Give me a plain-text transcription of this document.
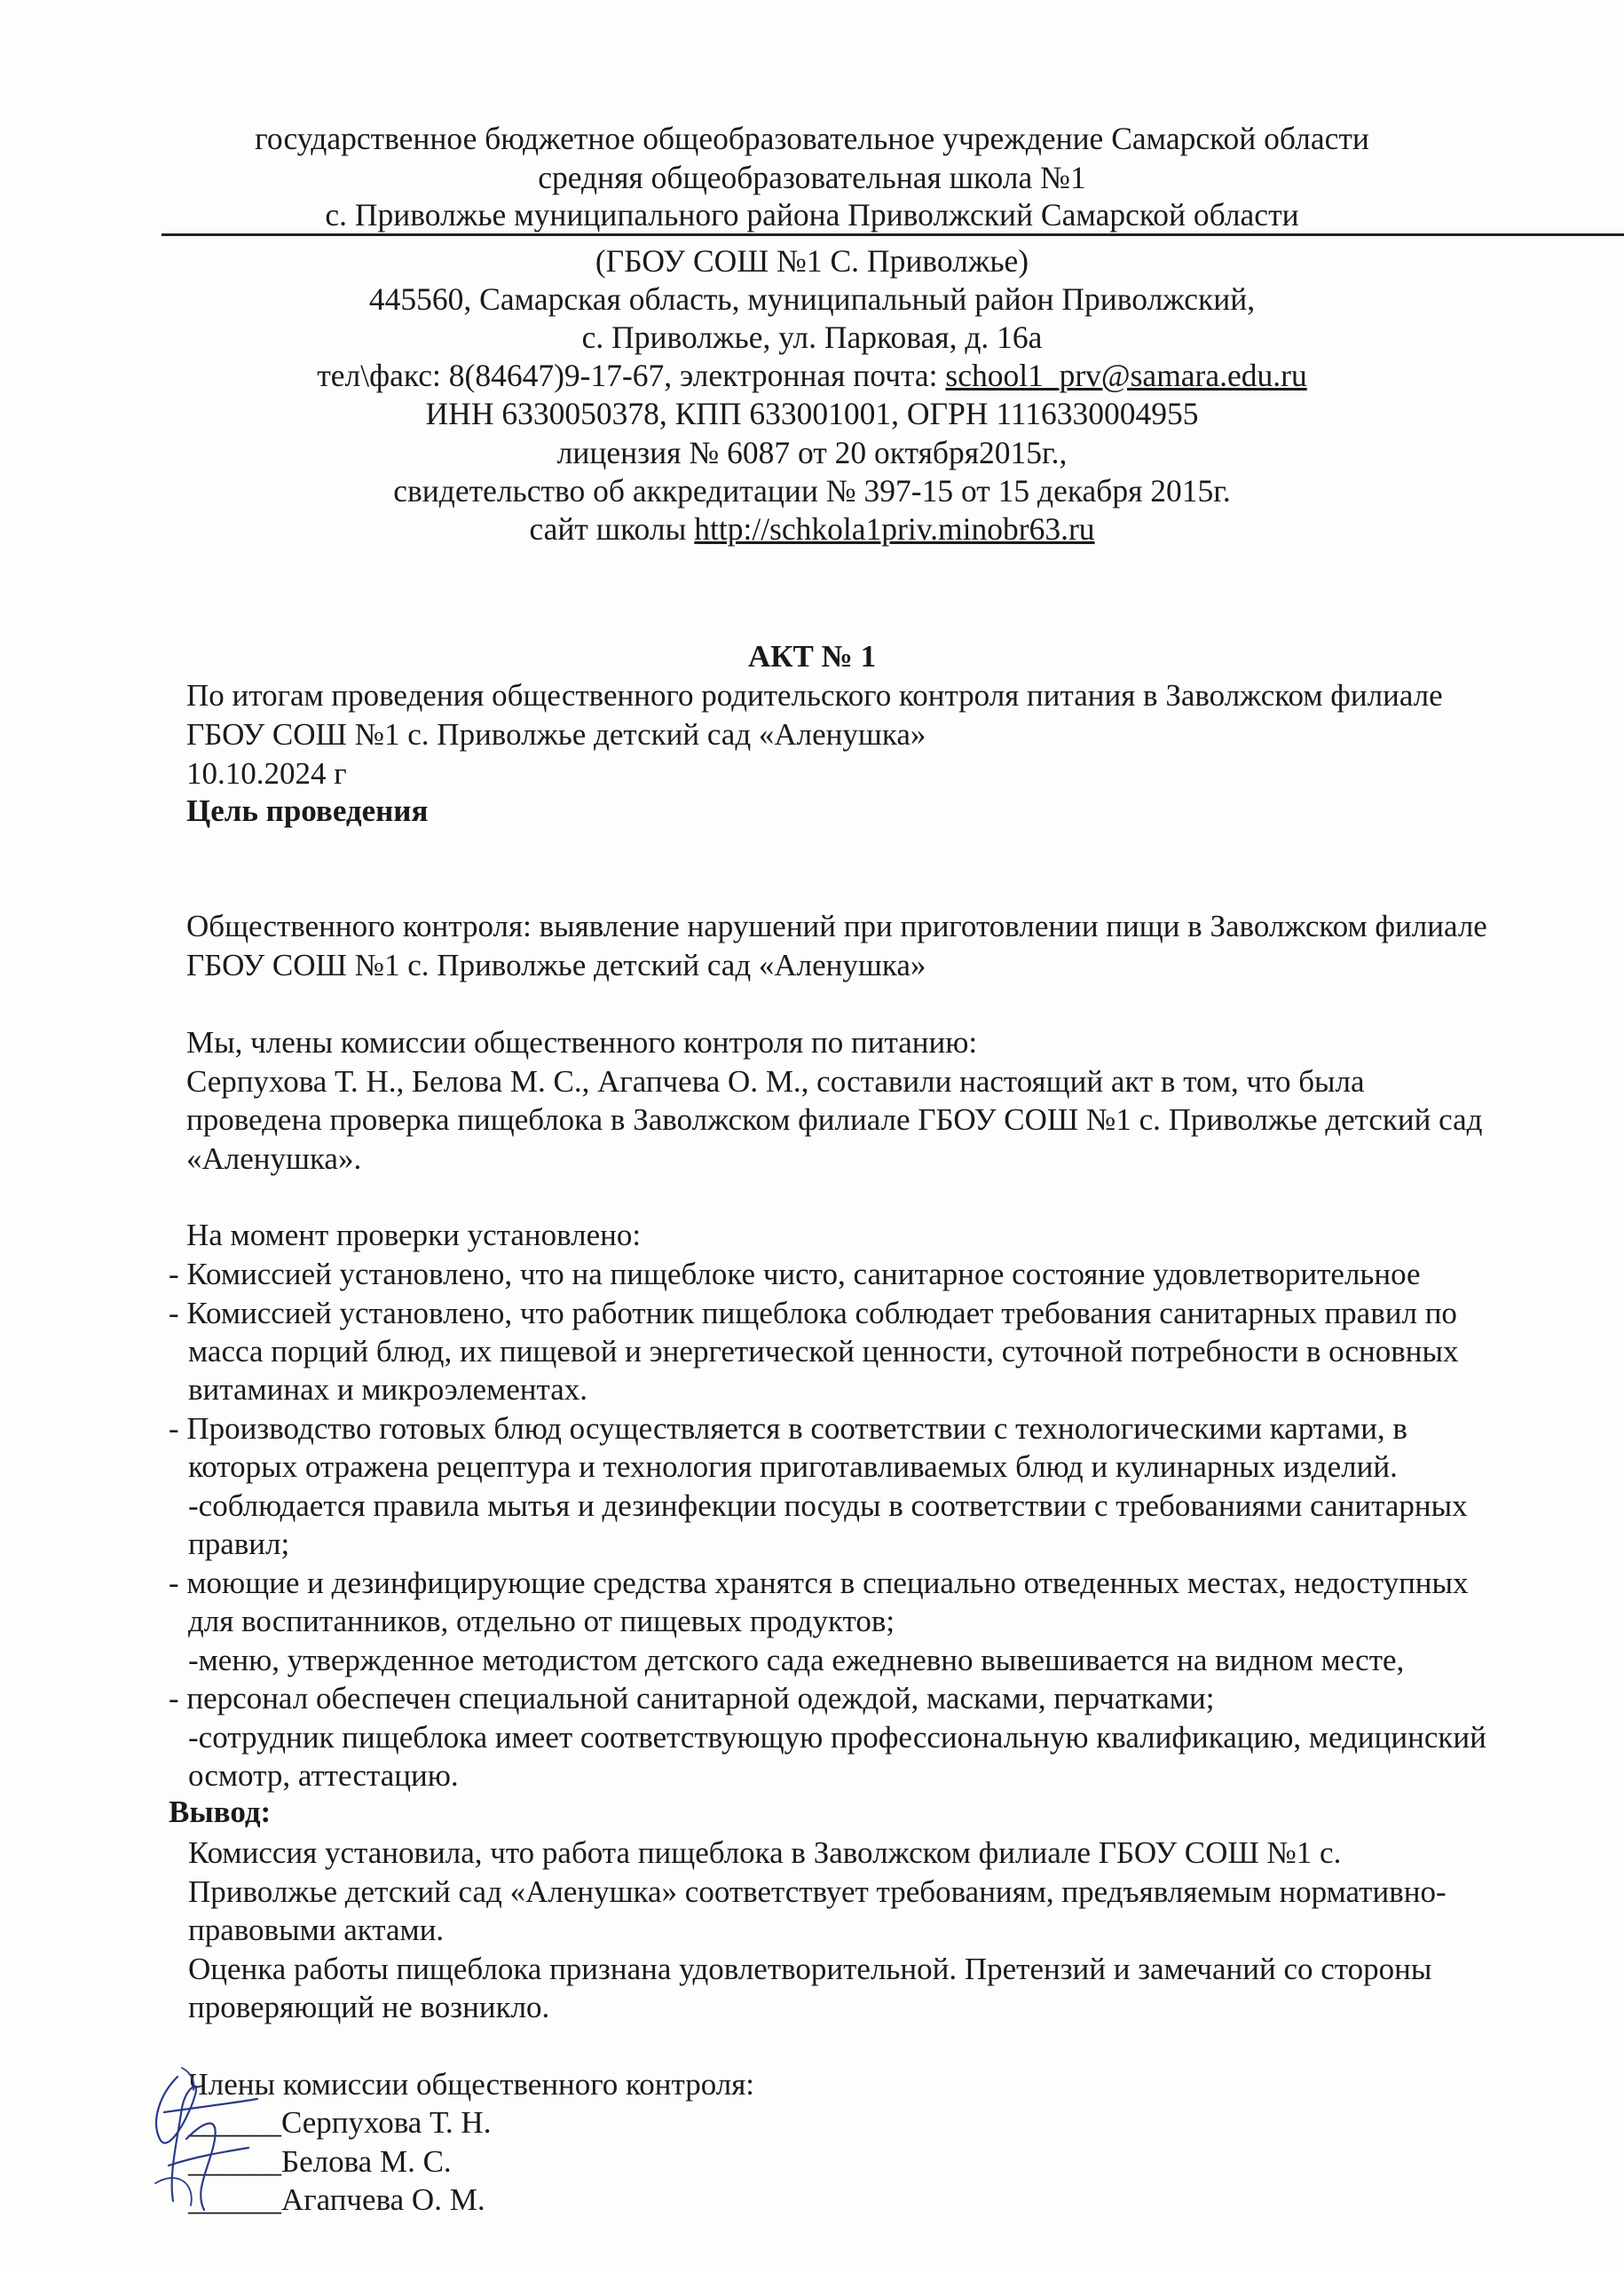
государственное бюджетное общеобразовательное учреждение Самарской области
средняя общеобразовательная школа №1
с. Приволжье муниципального района Приволжский Самарской области
(ГБОУ СОШ №1 С. Приволжье)
445560, Самарская область, муниципальный район Приволжский,
с. Приволжье, ул. Парковая, д. 16а
тел\факс: 8(84647)9-17-67, электронная почта: school1_prv@samara.edu.ru
ИНН 6330050378, КПП 633001001, ОГРН 1116330004955
лицензия № 6087 от 20 октября2015г.,
свидетельство об аккредитации № 397-15 от 15 декабря 2015г.
сайт школы http://schkola1priv.minobr63.ru
АКТ № 1
По итогам проведения общественного родительского контроля питания в Заволжском филиале
ГБОУ СОШ №1 с. Приволжье детский сад «Аленушка»
10.10.2024 г
Цель проведения
Общественного контроля: выявление нарушений при приготовлении пищи в Заволжском филиале
ГБОУ СОШ №1 с. Приволжье детский сад «Аленушка»
Мы, члены комиссии общественного контроля по питанию:
Серпухова Т. Н., Белова М. С., Агапчева О. М., составили настоящий акт в том, что была
проведена проверка пищеблока в Заволжском филиале ГБОУ СОШ №1 с. Приволжье детский сад
«Аленушка».
На момент проверки установлено:
- Комиссией установлено, что на пищеблоке чисто, санитарное состояние удовлетворительное
- Комиссией установлено, что работник пищеблока соблюдает требования санитарных правил по
масса порций блюд, их пищевой и энергетической ценности, суточной потребности в основных
витаминах и микроэлементах.
- Производство готовых блюд осуществляется в соответствии с технологическими картами, в
которых отражена рецептура и технология приготавливаемых блюд и кулинарных изделий.
-соблюдается правила мытья и дезинфекции посуды в соответствии с требованиями санитарных
правил;
- моющие и дезинфицирующие средства хранятся в специально отведенных местах, недоступных
для воспитанников, отдельно от пищевых продуктов;
-меню, утвержденное методистом детского сада ежедневно вывешивается на видном месте,
- персонал обеспечен специальной санитарной одеждой, масками, перчатками;
-сотрудник пищеблока имеет соответствующую профессиональную квалификацию, медицинский
осмотр, аттестацию.
Вывод:
Комиссия установила, что работа пищеблока в Заволжском филиале ГБОУ СОШ №1 с.
Приволжье детский сад «Аленушка» соответствует требованиям, предъявляемым нормативно-
правовыми актами.
Оценка работы пищеблока признана удовлетворительной. Претензий и замечаний со стороны
проверяющий не возникло.
Члены комиссии общественного контроля:
______Серпухова Т. Н.
______Белова М. С.
______Агапчева О. М.
